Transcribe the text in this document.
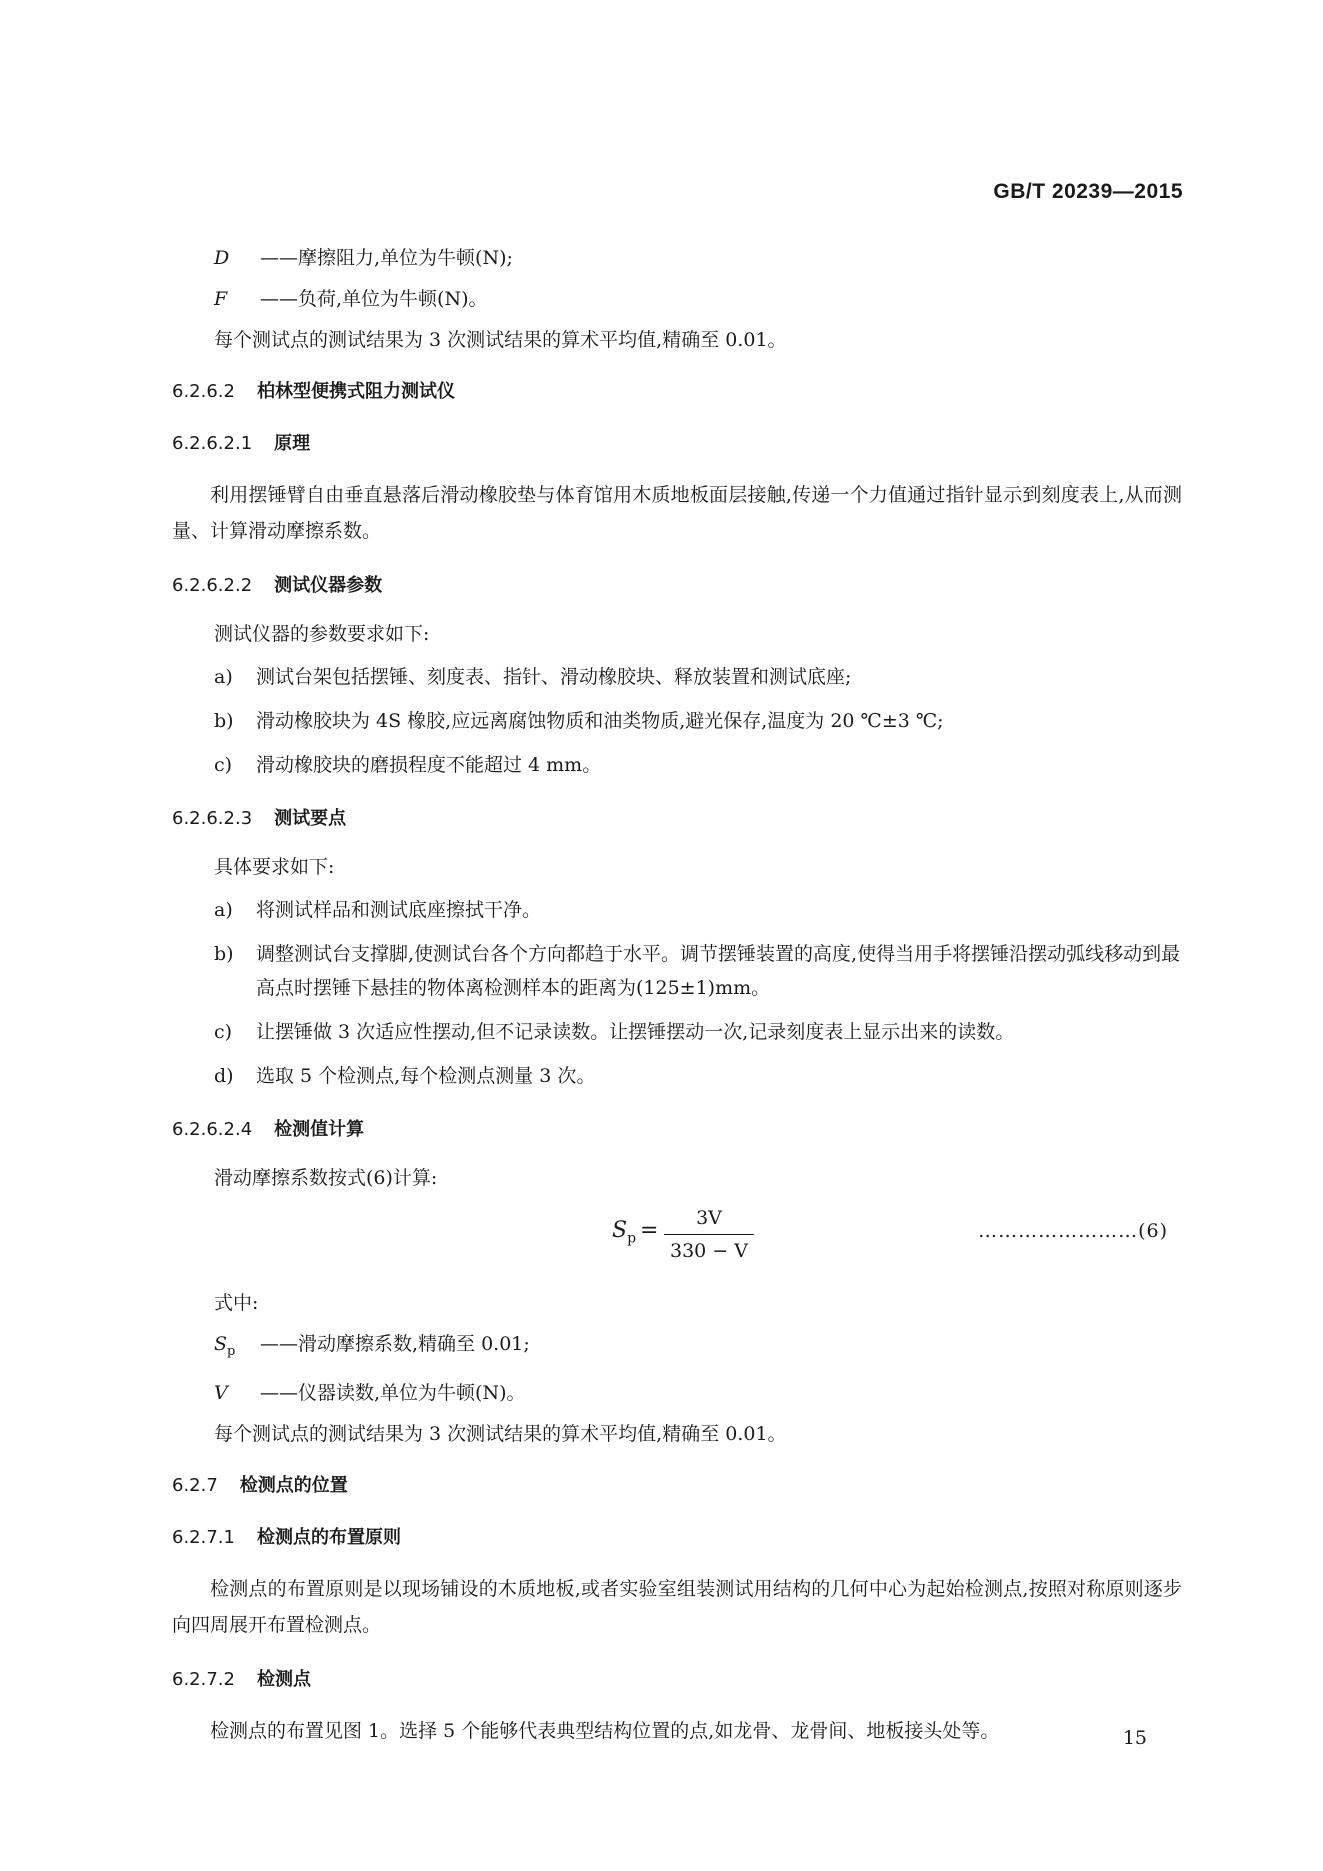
GB/T 20239—2015
D ——摩擦阻力,单位为牛顿(N);
F ——负荷,单位为牛顿(N)。
每个测试点的测试结果为 3 次测试结果的算术平均值,精确至 0.01。
6.2.6.2 柏林型便携式阻力测试仪
6.2.6.2.1 原理

利用摆锤臂自由垂直悬落后滑动橡胶垫与体育馆用木质地板面层接触,传递一个力值通过指针显示到刻度表上,从而测量、计算滑动摩擦系数。

6.2.6.2.2 测试仪器参数
测试仪器的参数要求如下:
a)	测试台架包括摆锤、刻度表、指针、滑动橡胶块、释放装置和测试底座;
b)	滑动橡胶块为 4S 橡胶,应远离腐蚀物质和油类物质,避光保存,温度为 20 ℃±3 ℃;
c)	滑动橡胶块的磨损程度不能超过 4 mm。
6.2.6.2.3 测试要点
具体要求如下:
a)	将测试样品和测试底座擦拭干净。
b)	调整测试台支撑脚,使测试台各个方向都趋于水平。调节摆锤装置的高度,使得当用手将摆锤沿摆动弧线移动到最高点时摆锤下悬挂的物体离检测样本的距离为(125±1)mm。
c)	让摆锤做 3 次适应性摆动,但不记录读数。让摆锤摆动一次,记录刻度表上显示出来的读数。
d)	选取 5 个检测点,每个检测点测量 3 次。
6.2.6.2.4 检测值计算
滑动摩擦系数按式(6)计算:
$S_p$ =	3V
330 − V
……………………(6)
式中:
$S_p$ ——滑动摩擦系数,精确至 0.01;
V ——仪器读数,单位为牛顿(N)。
每个测试点的测试结果为 3 次测试结果的算术平均值,精确至 0.01。
6.2.7 检测点的位置
6.2.7.1 检测点的布置原则

检测点的布置原则是以现场铺设的木质地板,或者实验室组装测试用结构的几何中心为起始检测点,按照对称原则逐步向四周展开布置检测点。

6.2.7.2 检测点

检测点的布置见图 1。选择 5 个能够代表典型结构位置的点,如龙骨、龙骨间、地板接头处等。	15
